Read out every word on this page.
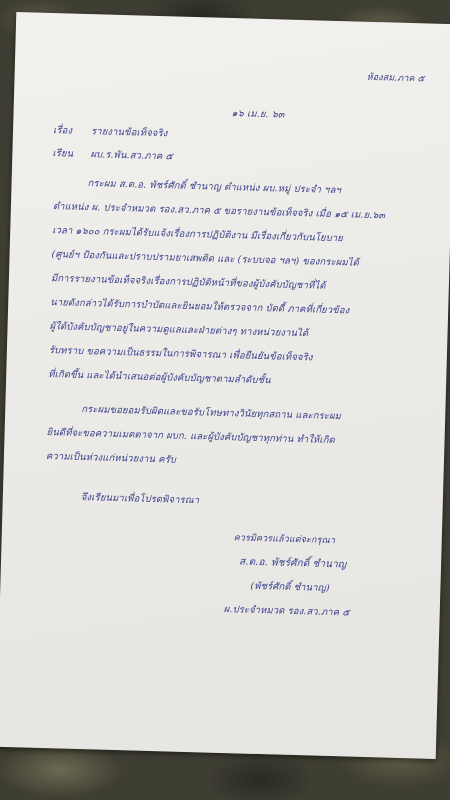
ห้องสม.ภาค ๕
๑๖ เม.ย. ๖๓
เรื่อง รายงานข้อเท็จจริง
เรียน ผบ.ร.พัน.สว.ภาค ๕
กระผม ส.ต.อ. พัชร์ศักดิ์ ชำนาญ ตำแหน่ง ผบ.หมู่ ประจำ ฯลฯ
ตำแหน่ง ผ. ประจำหมวด รอง.สว.ภาค ๕ ขอรายงานข้อเท็จจริง เมื่อ ๑๕ เม.ย.๖๓
เวลา ๑๖๐๐ กระผมได้รับแจ้งเรื่องการปฏิบัติงาน มีเรื่องเกี่ยวกับนโยบาย
(ศูนย์ฯ ป้องกันและปราบปรามยาเสพติด และ (ระบบจอ ฯลฯ) ของกระผมได้
มีการรายงานข้อเท็จจริงเรื่องการปฏิบัติหน้าที่ของผู้บังคับบัญชาที่ได้
นายดังกล่าวได้รับการบำบัดและยินยอมให้ตรวจจาก บัดดี้ ภาคที่เกี่ยวข้อง
ผู้ใต้บังคับบัญชาอยู่ในความดูแลและฝ่ายต่างๆ ทางหน่วยงานได้
รับทราบ ขอความเป็นธรรมในการพิจารณา เพื่อยืนยันข้อเท็จจริง
ที่เกิดขึ้น และได้นำเสนอต่อผู้บังคับบัญชาตามลำดับชั้น
กระผมขอยอมรับผิดและขอรับโทษทางวินัยทุกสถาน และกระผม
ยินดีที่จะขอความเมตตาจาก ผบก. และผู้บังคับบัญชาทุกท่าน ทำให้เกิด
ความเป็นห่วงแก่หน่วยงาน ครับ
จึงเรียนมาเพื่อโปรดพิจารณา
ควรมิควรแล้วแต่จะกรุณา
ส.ต.อ. พัชร์ศักดิ์ ชำนาญ
(พัชร์ศักดิ์ ชำนาญ)
ผ.ประจำหมวด รอง.สว.ภาค ๕
